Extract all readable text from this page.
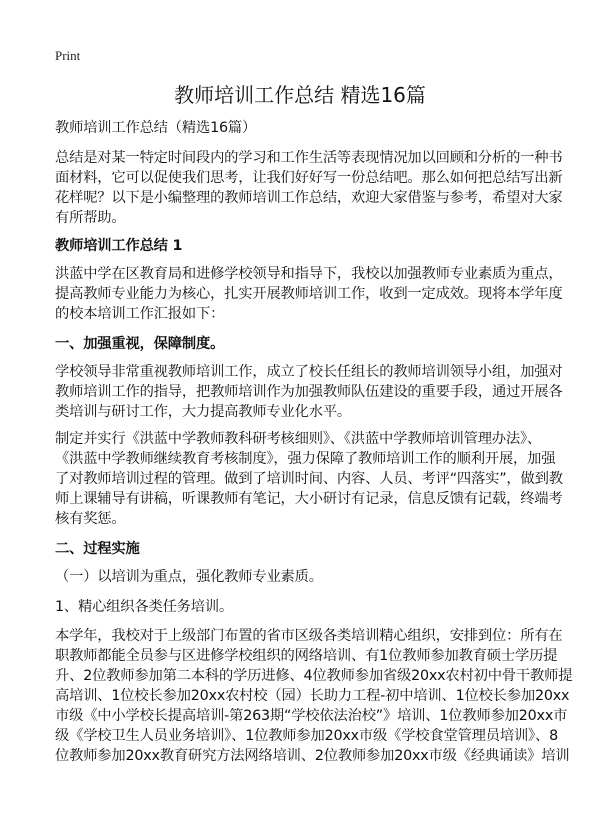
Print
教师培训工作总结 精选16篇
教师培训工作总结（精选16篇）
总结是对某一特定时间段内的学习和工作生活等表现情况加以回顾和分析的一种书
面材料，它可以促使我们思考，让我们好好写一份总结吧。那么如何把总结写出新
花样呢？以下是小编整理的教师培训工作总结，欢迎大家借鉴与参考，希望对大家
有所帮助。
教师培训工作总结 1
洪蓝中学在区教育局和进修学校领导和指导下，我校以加强教师专业素质为重点，
提高教师专业能力为核心，扎实开展教师培训工作，收到一定成效。现将本学年度
的校本培训工作汇报如下：
一、加强重视，保障制度。
学校领导非常重视教师培训工作，成立了校长任组长的教师培训领导小组，加强对
教师培训工作的指导，把教师培训作为加强教师队伍建设的重要手段，通过开展各
类培训与研讨工作，大力提高教师专业化水平。
制定并实行《洪蓝中学教师教科研考核细则》、《洪蓝中学教师培训管理办法》、
《洪蓝中学教师继续教育考核制度》，强力保障了教师培训工作的顺利开展，加强
了对教师培训过程的管理。做到了培训时间、内容、人员、考评“四落实”，做到教
师上课辅导有讲稿，听课教师有笔记，大小研讨有记录，信息反馈有记载，终端考
核有奖惩。
二、过程实施
（一）以培训为重点，强化教师专业素质。
1、精心组织各类任务培训。
本学年，我校对于上级部门布置的省市区级各类培训精心组织，安排到位：所有在
职教师都能全员参与区进修学校组织的网络培训、有1位教师参加教育硕士学历提
升、2位教师参加第二本科的学历进修、4位教师参加省级20xx农村初中骨干教师提
高培训、1位校长参加20xx农村校（园）长助力工程-初中培训、1位校长参加20xx
市级《中小学校长提高培训-第263期“学校依法治校”》培训、1位教师参加20xx市
级《学校卫生人员业务培训》、1位教师参加20xx市级《学校食堂管理员培训》、8
位教师参加20xx教育研究方法网络培训、2位教师参加20xx市级《经典诵读》培训
